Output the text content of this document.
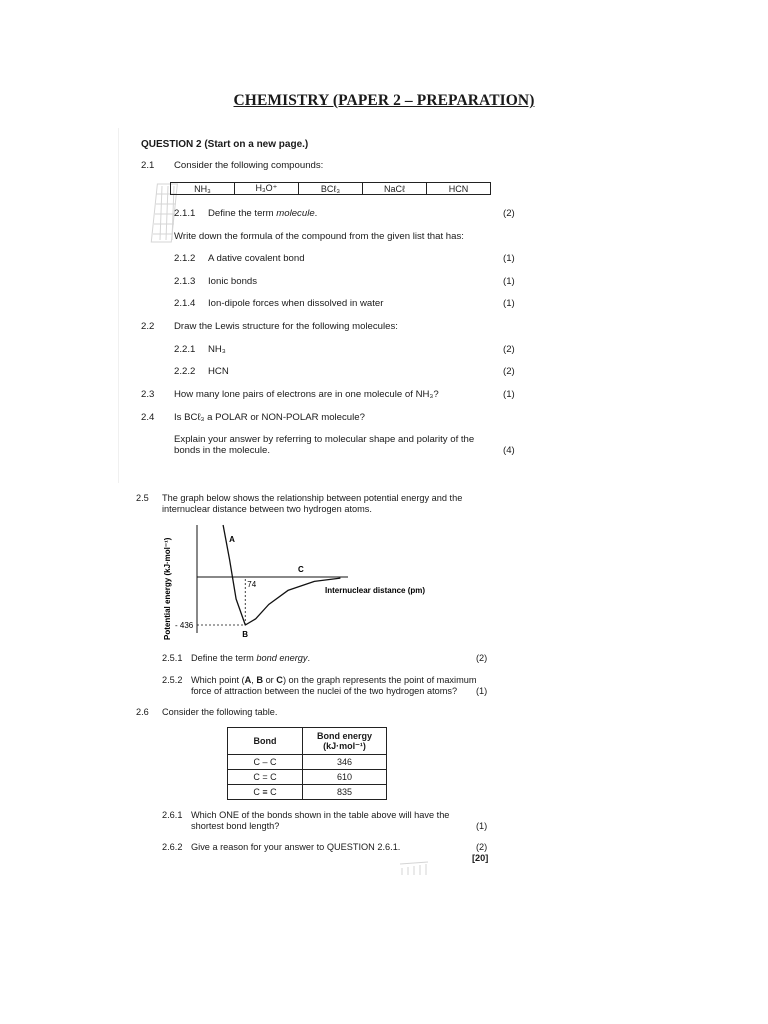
CHEMISTRY (PAPER 2 – PREPARATION)
QUESTION 2 (Start on a new page.)
2.1 Consider the following compounds:
NH₃	H₃O⁺	BCℓ₃	NaCℓ	HCN
2.1.1 Define the term molecule.	(2)
Write down the formula of the compound from the given list that has:
2.1.2 A dative covalent bond	(1)
2.1.3 Ionic bonds	(1)
2.1.4 Ion-dipole forces when dissolved in water	(1)
2.2 Draw the Lewis structure for the following molecules:
2.2.1 NH₃	(2)
2.2.2 HCN	(2)
2.3 How many lone pairs of electrons are in one molecule of NH₃?	(1)
2.4 Is BCℓ₃ a POLAR or NON-POLAR molecule?
Explain your answer by referring to molecular shape and polarity of the
bonds in the molecule.	(4)
2.5 The graph below shows the relationship between potential energy and the
internuclear distance between two hydrogen atoms.
74
- 436
A
B
C
Internuclear distance (pm)
Potential energy (kJ·mol⁻¹)
2.5.1 Define the term bond energy.	(2)
2.5.2 Which point (A, B or C) on the graph represents the point of maximum
force of attraction between the nuclei of the two hydrogen atoms? (1)
2.6 Consider the following table.
Bond	Bond energy
(kJ·mol⁻¹)
C – C	346
C = C	610
C ≡ C	835
2.6.1 Which ONE of the bonds shown in the table above will have the
shortest bond length?	(1)
2.6.2 Give a reason for your answer to QUESTION 2.6.1.	(2)
[20]
